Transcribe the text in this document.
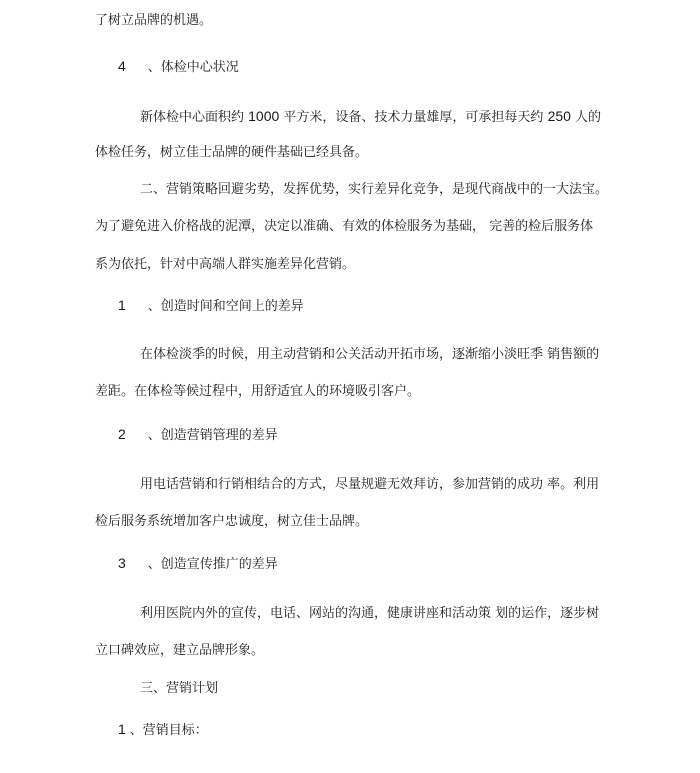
了树立品牌的机遇。
4 、体检中心状况
新体检中心面积约 1000 平方米，设备、技术力量雄厚，可承担每天约 250 人的
体检任务，树立佳士品牌的硬件基础已经具备。
二、营销策略回避劣势，发挥优势，实行差异化竞争，是现代商战中的一大法宝。
为了避免进入价格战的泥潭，决定以准确、有效的体检服务为基础， 完善的检后服务体
系为依托，针对中高端人群实施差异化营销。
1 、创造时间和空间上的差异
在体检淡季的时候，用主动营销和公关活动开拓市场，逐渐缩小淡旺季 销售额的
差距。在体检等候过程中，用舒适宜人的环境吸引客户。
2 、创造营销管理的差异
用电话营销和行销相结合的方式，尽量规避无效拜访，参加营销的成功 率。利用
检后服务系统增加客户忠诚度，树立佳士品牌。
3 、创造宣传推广的差异
利用医院内外的宣传，电话、网站的沟通，健康讲座和活动策 划的运作，逐步树
立口碑效应，建立品牌形象。
三、营销计划
1 、营销目标：
